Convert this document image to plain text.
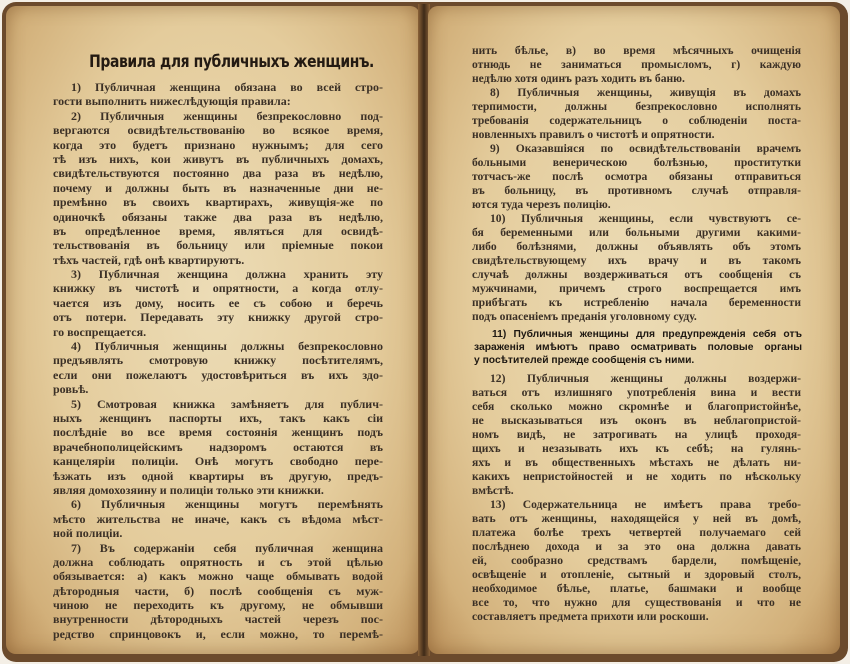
Правила для публичныхъ женщинъ.
1) Публичная женщина обязана во всей стро-
гости выполнить нижеслѣдующія правила:
2) Публичныя женщины безпрекословно под-
вергаются освидѣтельствованію во всякое время,
когда это будетъ признано нужнымъ; для сего
тѣ изъ нихъ, кои живутъ въ публичныхъ домахъ,
свидѣтельствуются постоянно два раза въ недѣлю,
почему и должны быть въ назначенные дни не-
премѣнно въ своихъ квартирахъ, живущія-же по
одиночкѣ обязаны также два раза въ недѣлю,
въ опредѣленное время, являться для освидѣ-
тельствованія въ больницу или пріемные покои
тѣхъ частей, гдѣ онѣ квартируютъ.
3) Публичная женщина должна хранить эту
книжку въ чистотѣ и опрятности, а когда отлу-
чается изъ дому, носить ее съ собою и беречь
отъ потери. Передавать эту книжку другой стро-
го воспрещается.
4) Публичныя женщины должны безпрекословно
предъявлять смотровую книжку посѣтителямъ,
если они пожелаютъ удостовѣриться въ ихъ здо-
ровьѣ.
5) Смотровая книжка замѣняетъ для публич-
ныхъ женщинъ паспорты ихъ, такъ какъ сіи
послѣдніе во все время состоянія женщинъ подъ
врачебнополицейскимъ надзоромъ остаются въ
канцеляріи полиціи. Онѣ могутъ свободно пере-
ѣзжать изъ одной квартиры въ другую, предъ-
являя домохозяину и полиціи только эти книжки.
6) Публичныя женщины могутъ перемѣнять
мѣсто жительства не иначе, какъ съ вѣдома мѣст-
ной полиціи.
7) Въ содержаніи себя публичная женщина
должна соблюдать опрятность и съ этой цѣлью
обязывается: а) какъ можно чаще обмывать водой
дѣтородныя части, б) послѣ сообщенія съ муж-
чиною не переходить къ другому, не обмывши
внутренности дѣтородныхъ частей черезъ пос-
редство спринцовокъ и, если можно, то перемѣ-
нить бѣлье, в) во время мѣсячныхъ очищенія
отнюдь не заниматься промысломъ, г) каждую
недѣлю хотя одинъ разъ ходить въ баню.
8) Публичныя женщины, живущія въ домахъ
терпимости, должны безпрекословно исполнять
требованія содержательницъ о соблюденіи поста-
новленныхъ правилъ о чистотѣ и опрятности.
9) Оказавшіяся по освидѣтельствованіи врачемъ
больными венерическою болѣзнью, проститутки
тотчасъ-же послѣ осмотра обязаны отправиться
въ больницу, въ противномъ случаѣ отправля-
ются туда черезъ полицію.
10) Публичныя женщины, если чувствуютъ се-
бя беременными или больными другими какими-
либо болѣзнями, должны объявлять объ этомъ
свидѣтельствующему ихъ врачу и въ такомъ
случаѣ должны воздерживаться отъ сообщенія съ
мужчинами, причемъ строго воспрещается имъ
прибѣгать къ истребленію начала беременности
подъ опасеніемъ преданія уголовному суду.
11) Публичныя женщины для предупрежденія себя отъ
зараженія имѣютъ право осматривать половые органы
у посѣтителей прежде сообщенія съ ними.
12) Публичныя женщины должны воздержи-
ваться отъ излишняго употребленія вина и вести
себя сколько можно скромнѣе и благопристойнѣе,
не высказываться изъ оконъ въ неблагопристой-
номъ видѣ, не затрогивать на улицѣ проходя-
щихъ и незазывать ихъ къ себѣ; на гулянь-
яхъ и въ общественныхъ мѣстахъ не дѣлать ни-
какихъ непристойностей и не ходить по нѣскольку
вмѣстѣ.
13) Содержательница не имѣетъ права требо-
вать отъ женщины, находящейся у ней въ домѣ,
платежа болѣе трехъ четвертей получаемаго сей
послѣднею дохода и за это она должна давать
ей, сообразно средствамъ бардели, помѣщеніе,
освѣщеніе и отопленіе, сытный и здоровый столъ,
необходимое бѣлье, платье, башмаки и вообще
все то, что нужно для существованія и что не
составляетъ предмета прихоти или роскоши.
